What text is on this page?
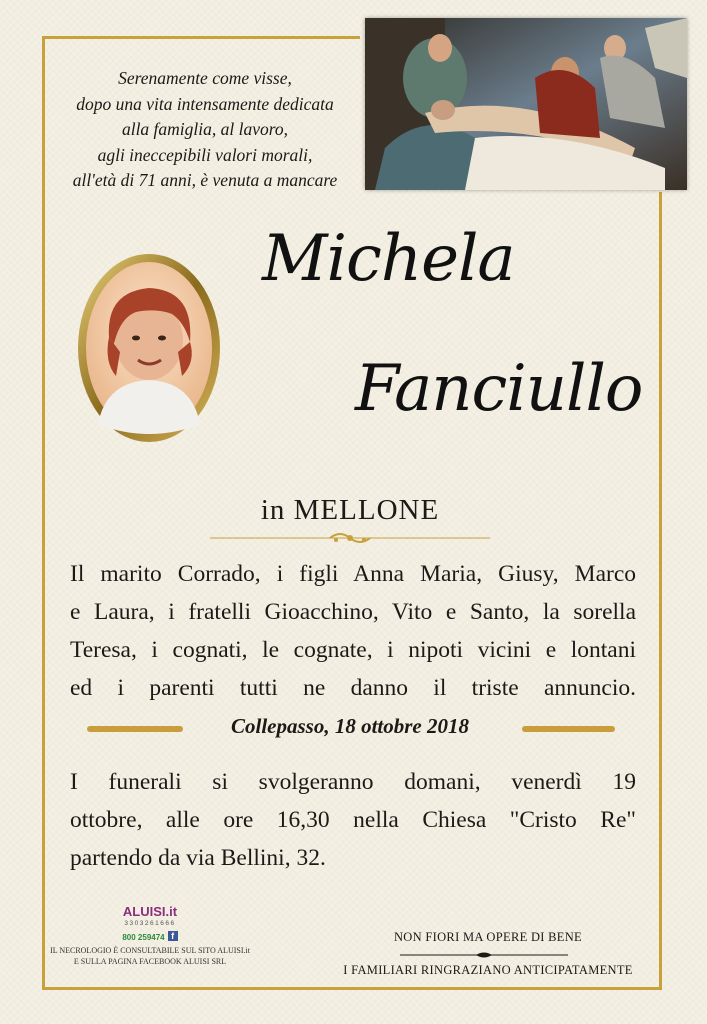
Serenamente come visse,
dopo una vita intensamente dedicata
alla famiglia, al lavoro,
agli ineccepibili valori morali,
all'età di 71 anni, è venuta a mancare
Michela
Fanciullo
in MELLONE
Il marito Corrado, i figli Anna Maria, Giusy, Marco
e Laura, i fratelli Gioacchino, Vito e Santo, la sorella
Teresa, i cognati, le cognate, i nipoti vicini e lontani
ed i parenti tutti ne danno il triste annuncio.
Collepasso, 18 ottobre 2018
I funerali si svolgeranno domani, venerdì 19
ottobre, alle ore 16,30 nella Chiesa "Cristo Re"
partendo da via Bellini, 32.
ALUISI.it
3303261666
800 259474 f
IL NECROLOGIO È CONSULTABILE SUL SITO ALUISI.it
E SULLA PAGINA FACEBOOK ALUISI SRL
NON FIORI MA OPERE DI BENE
I FAMILIARI RINGRAZIANO ANTICIPATAMENTE
